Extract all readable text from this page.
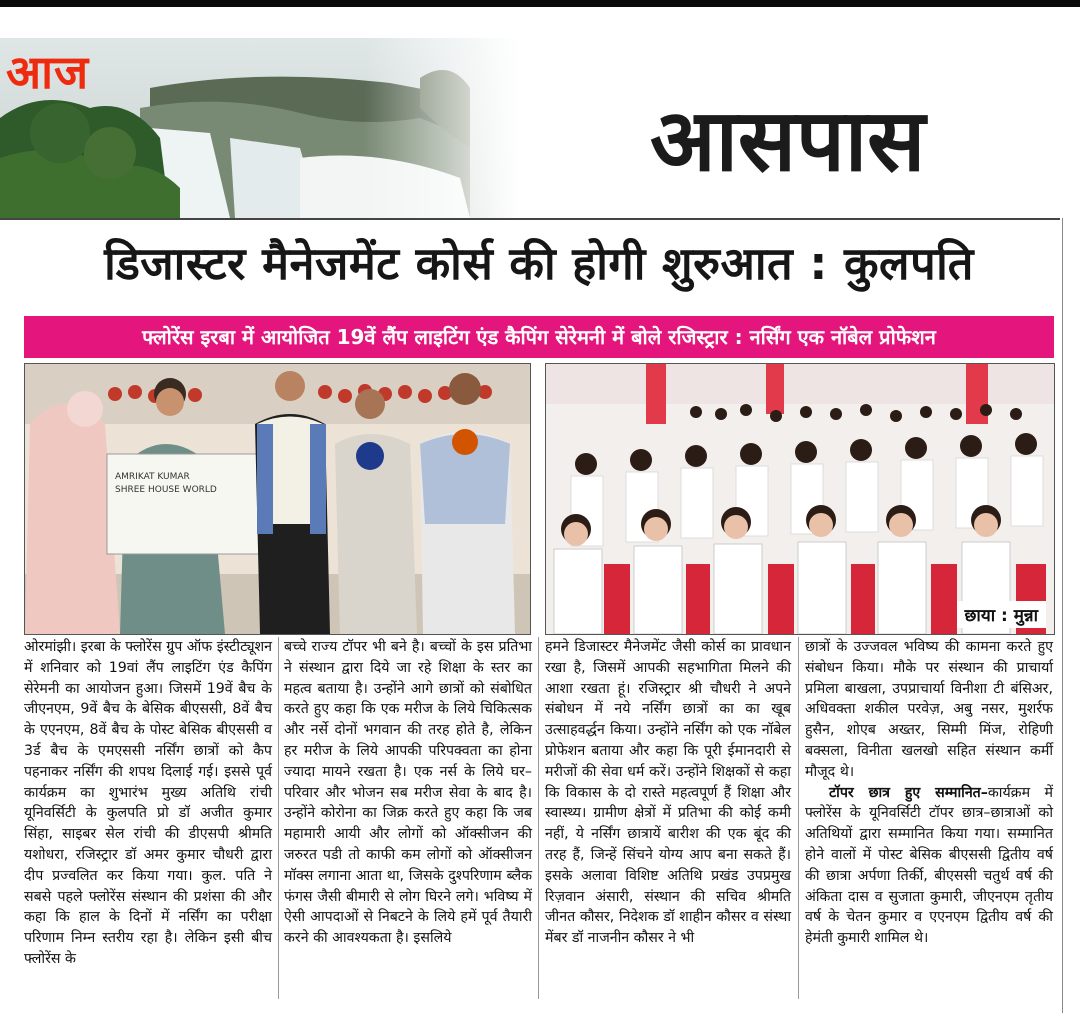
आज
आसपास
डिजास्टर मैनेजमेंट कोर्स की होगी शुरुआत : कुलपति
फ्लोरेंस इरबा में आयोजित 19वें लैंप लाइटिंग एंड कैपिंग सेरेमनी में बोले रजिस्ट्रार : नर्सिंग एक नॉबेल प्रोफेशन
AMRIKAT KUMAR
SHREE HOUSE WORLD
छाया : मुन्ना

ओरमांझी। इरबा के फ्लोरेंस ग्रुप ऑफ इंस्टीट्यूशन में शनिवार को 19वां लैंप लाइटिंग एंड कैपिंग सेरेमनी का आयोजन हुआ। जिसमें 19वें बैच के जीएनएम, 9वें बैच के बेसिक बीएससी, 8वें बैच के एएनएम, 8वें बैच के पोस्ट बेसिक बीएससी व 3र्ड बैच के एमएससी नर्सिंग छात्रों को कैप पहनाकर नर्सिंग की शपथ दिलाई गई। इससे पूर्व कार्यक्रम का शुभारंभ मुख्य अतिथि रांची यूनिवर्सिटी के कुलपति प्रो डॉ अजीत कुमार सिंहा, साइबर सेल रांची की डीएसपी श्रीमति यशोधरा, रजिस्ट्रार डॉ अमर कुमार चौधरी द्वारा दीप प्रज्वलित कर किया गया। कुल. पति ने सबसे पहले फ्लोरेंस संस्थान की प्रशंसा की और कहा कि हाल के दिनों में नर्सिंग का परीक्षा परिणाम निम्न स्तरीय रहा है। लेकिन इसी बीच फ्लोरेंस के

बच्चे राज्य टॉपर भी बने है। बच्चों के इस प्रतिभा ने संस्थान द्वारा दिये जा रहे शिक्षा के स्तर का महत्व बताया है। उन्होंने आगे छात्रों को संबोधित करते हुए कहा कि एक मरीज के लिये चिकित्सक और नर्से दोनों भगवान की तरह होते है, लेकिन हर मरीज के लिये आपकी परिपक्वता का होना ज्यादा मायने रखता है। एक नर्स के लिये घर–परिवार और भोजन सब मरीज सेवा के बाद है। उन्होंने कोरोना का जिक्र करते हुए कहा कि जब महामारी आयी और लोगों को ऑक्सीजन की जरुरत पडी तो काफी कम लोगों को ऑक्सीजन मॉक्स लगाना आता था, जिसके दुश्परिणाम ब्लैक फंगस जैसी बीमारी से लोग घिरने लगे। भविष्य में ऐसी आपदाओं से निबटने के लिये हमें पूर्व तैयारी करने की आवश्यकता है। इसलिये

हमने डिजास्टर मैनेजमेंट जैसी कोर्स का प्रावधान रखा है, जिसमें आपकी सहभागिता मिलने की आशा रखता हूं। रजिस्ट्रार श्री चौधरी ने अपने संबोधन में नये नर्सिंग छात्रों का का खूब उत्साहवर्द्धन किया। उन्होंने नर्सिंग को एक नॉबेल प्रोफेशन बताया और कहा कि पूरी ईमानदारी से मरीजों की सेवा धर्म करें। उन्होंने शिक्षकों से कहा कि विकास के दो रास्ते महत्वपूर्ण हैं शिक्षा और स्वास्थ्य। ग्रामीण क्षेत्रों में प्रतिभा की कोई कमी नहीं, ये नर्सिंग छात्रायें बारीश की एक बूंद की तरह हैं, जिन्हें सिंचने योग्य आप बना सकते हैं। इसके अलावा विशिष्ट अतिथि प्रखंड उपप्रमुख रिज़वान अंसारी, संस्थान की सचिव श्रीमति जीनत कौसर, निदेशक डॉ शाहीन कौसर व संस्था मेंबर डॉ नाजनीन कौसर ने भी

छात्रों के उज्जवल भविष्य की कामना करते हुए संबोधन किया। मौके पर संस्थान की प्राचार्या प्रमिला बाखला, उपप्राचार्या विनीशा टी बंसिअर, अधिवक्ता शकील परवेज़, अबु नसर, मुशर्रफ हुसैन, शोएब अख्तर, सिम्मी मिंज, रोहिणी बक्सला, विनीता खलखो सहित संस्थान कर्मी मौजूद थे।

टॉपर छात्र हुए सम्मानित–कार्यक्रम में फ्लोरेंस के यूनिवर्सिटी टॉपर छात्र–छात्राओं को अतिथियों द्वारा सम्मानित किया गया। सम्मानित होने वालों में पोस्ट बेसिक बीएससी द्वितीय वर्ष की छात्रा अर्पणा तिर्की, बीएससी चतुर्थ वर्ष की अंकिता दास व सुजाता कुमारी, जीएनएम तृतीय वर्ष के चेतन कुमार व एएनएम द्वितीय वर्ष की हेमंती कुमारी शामिल थे।
